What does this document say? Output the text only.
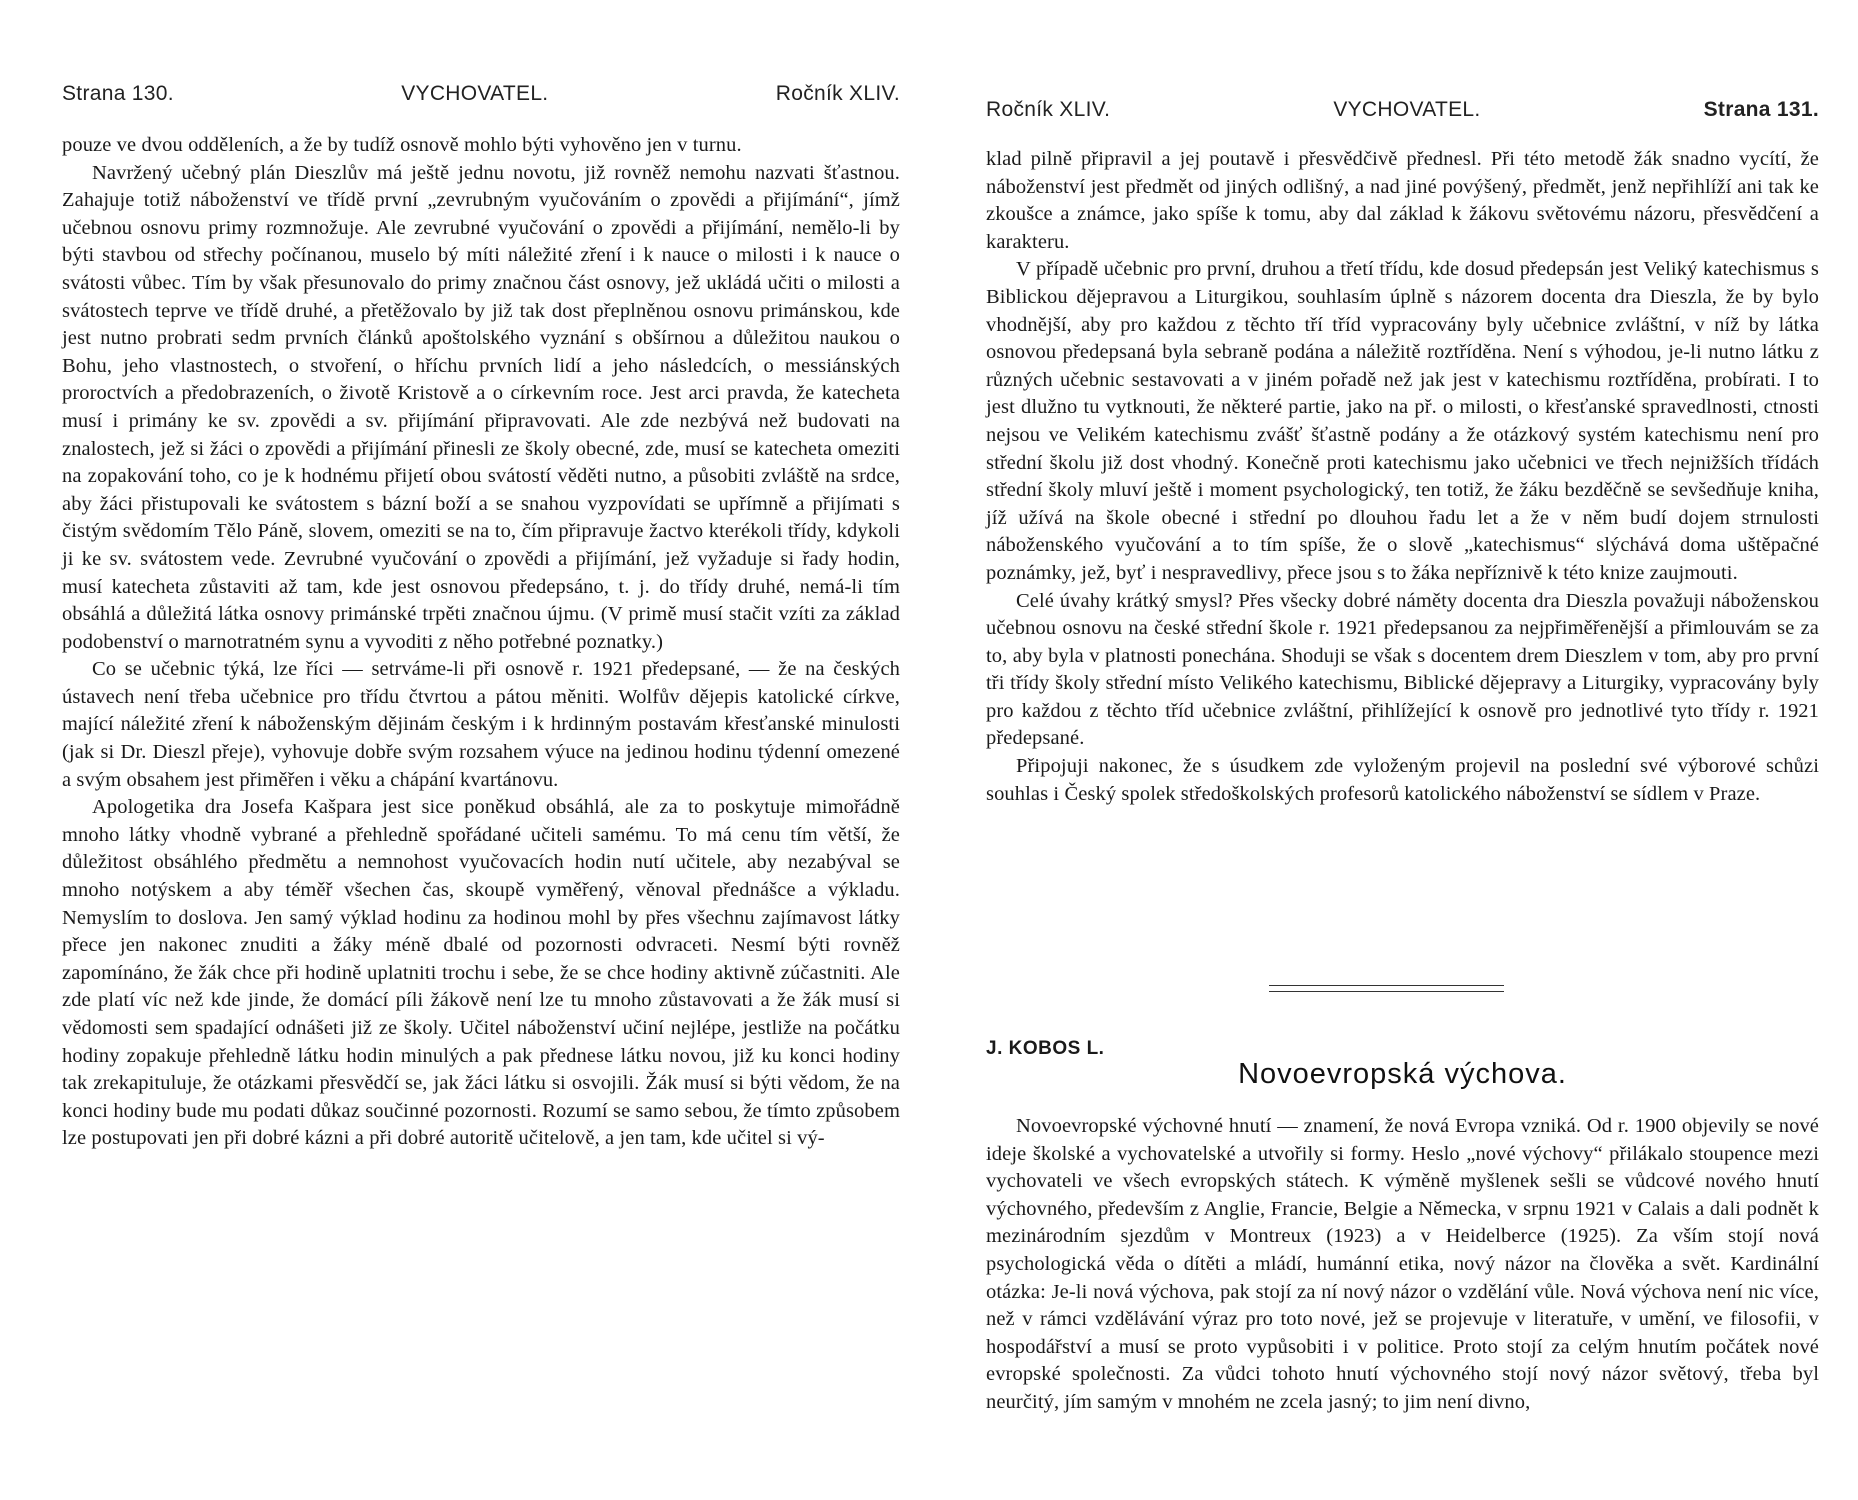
Strana 130.	VYCHOVATEL.	Ročník XLIV.

pouze ve dvou odděleních, a že by tudíž osnově mohlo býti vyhověno jen v turnu.

Navržený učebný plán Dieszlův má ještě jednu novotu, již rovněž nemohu nazvati šťastnou. Zahajuje totiž náboženství ve třídě první „zevrubným vyučováním o zpovědi a přijímání“, jímž učebnou osnovu primy rozmnožuje. Ale zevrubné vyučování o zpovědi a přijímání, nemělo-li by býti stavbou od střechy počínanou, muselo bý míti náležité zření i k nauce o milosti i k nauce o svátosti vůbec. Tím by však přesunovalo do primy značnou část osnovy, jež ukládá učiti o milosti a svátostech teprve ve třídě druhé, a přetěžovalo by již tak dost přeplněnou osnovu primánskou, kde jest nutno probrati sedm prvních článků apoštolského vyznání s obšírnou a důležitou naukou o Bohu, jeho vlastnostech, o stvoření, o hříchu prvních lidí a jeho následcích, o messiánských proroctvích a předobrazeních, o životě Kristově a o církevním roce. Jest arci pravda, že katecheta musí i primány ke sv. zpovědi a sv. přijímání připravovati. Ale zde nezbývá než budovati na znalostech, jež si žáci o zpovědi a přijímání přinesli ze školy obecné, zde, musí se katecheta omeziti na zopakování toho, co je k hodnému přijetí obou svátostí věděti nutno, a působiti zvláště na srdce, aby žáci přistupovali ke svátostem s bázní boží a se snahou vyzpovídati se upřímně a přijímati s čistým svědomím Tělo Páně, slovem, omeziti se na to, čím připravuje žactvo kterékoli třídy, kdykoli ji ke sv. svátostem vede. Zevrubné vyučování o zpovědi a přijímání, jež vyžaduje si řady hodin, musí katecheta zůstaviti až tam, kde jest osnovou předepsáno, t. j. do třídy druhé, nemá-li tím obsáhlá a důležitá látka osnovy primánské trpěti značnou újmu. (V primě musí stačit vzíti za základ podobenství o marnotratném synu a vyvoditi z něho potřebné poznatky.)

Co se učebnic týká, lze říci — setrváme-li při osnově r. 1921 předepsané, — že na českých ústavech není třeba učebnice pro třídu čtvrtou a pátou měniti. Wolfův dějepis katolické církve, mající náležité zření k náboženským dějinám českým i k hrdinným postavám křesťanské minulosti (jak si Dr. Dieszl přeje), vyhovuje dobře svým rozsahem výuce na jedinou hodinu týdenní omezené a svým obsahem jest přiměřen i věku a chápání kvartánovu.

Apologetika dra Josefa Kašpara jest sice poněkud obsáhlá, ale za to poskytuje mimořádně mnoho látky vhodně vybrané a přehledně spořádané učiteli samému. To má cenu tím větší, že důležitost obsáhlého předmětu a nemnohost vyučovacích hodin nutí učitele, aby nezabýval se mnoho notýskem a aby téměř všechen čas, skoupě vyměřený, věnoval přednášce a výkladu. Nemyslím to doslova. Jen samý výklad hodinu za hodinou mohl by přes všechnu zajímavost látky přece jen nakonec znuditi a žáky méně dbalé od pozornosti odvraceti. Nesmí býti rovněž zapomínáno, že žák chce při hodině uplatniti trochu i sebe, že se chce hodiny aktivně zúčastniti. Ale zde platí víc než kde jinde, že domácí píli žákově není lze tu mnoho zůstavovati a že žák musí si vědomosti sem spadající odnášeti již ze školy. Učitel náboženství učiní nejlépe, jestliže na počátku hodiny zopakuje přehledně látku hodin minulých a pak přednese látku novou, již ku konci hodiny tak zrekapituluje, že otázkami přesvědčí se, jak žáci látku si osvojili. Žák musí si býti vědom, že na konci hodiny bude mu podati důkaz součinné pozornosti. Rozumí se samo sebou, že tímto způsobem lze postupovati jen při dobré kázni a při dobré autoritě učitelově, a jen tam, kde učitel si vý-

Ročník XLIV.	VYCHOVATEL.	Strana 131.

klad pilně připravil a jej poutavě i přesvědčivě přednesl. Při této metodě žák snadno vycítí, že náboženství jest předmět od jiných odlišný, a nad jiné povýšený, předmět, jenž nepřihlíží ani tak ke zkoušce a známce, jako spíše k tomu, aby dal základ k žákovu světovému názoru, přesvědčení a karakteru.

V případě učebnic pro první, druhou a třetí třídu, kde dosud předepsán jest Veliký katechismus s Biblickou dějepravou a Liturgikou, souhlasím úplně s názorem docenta dra Dieszla, že by bylo vhodnější, aby pro každou z těchto tří tříd vypracovány byly učebnice zvláštní, v níž by látka osnovou předepsaná byla sebraně podána a náležitě roztříděna. Není s výhodou, je-li nutno látku z různých učebnic sestavovati a v jiném pořadě než jak jest v katechismu roztříděna, probírati. I to jest dlužno tu vytknouti, že některé partie, jako na př. o milosti, o křesťanské spravedlnosti, ctnosti nejsou ve Velikém katechismu zvášť šťastně podány a že otázkový systém katechismu není pro střední školu již dost vhodný. Konečně proti katechismu jako učebnici ve třech nejnižších třídách střední školy mluví ještě i moment psychologický, ten totiž, že žáku bezděčně se sevšedňuje kniha, jíž užívá na škole obecné i střední po dlouhou řadu let a že v něm budí dojem strnulosti náboženského vyučování a to tím spíše, že o slově „katechismus“ slýchává doma uštěpačné poznámky, jež, byť i nespravedlivy, přece jsou s to žáka nepříznivě k této knize zaujmouti.

Celé úvahy krátký smysl? Přes všecky dobré náměty docenta dra Dieszla považuji náboženskou učebnou osnovu na české střední škole r. 1921 předepsanou za nejpřiměřenější a přimlouvám se za to, aby byla v platnosti ponechána. Shoduji se však s docentem drem Dieszlem v tom, aby pro první tři třídy školy střední místo Velikého katechismu, Biblické dějepravy a Liturgiky, vypracovány byly pro každou z těchto tříd učebnice zvláštní, přihlížející k osnově pro jednotlivé tyto třídy r. 1921 předepsané.

Připojuji nakonec, že s úsudkem zde vyloženým projevil na poslední své výborové schůzi souhlas i Český spolek středoškolských profesorů katolického náboženství se sídlem v Praze.

J. KOBOS L.
Novoevropská výchova.

Novoevropské výchovné hnutí — znamení, že nová Evropa vzniká. Od r. 1900 objevily se nové ideje školské a vychovatelské a utvořily si formy. Heslo „nové výchovy“ přilákalo stoupence mezi vychovateli ve všech evropských státech. K výměně myšlenek sešli se vůdcové nového hnutí výchovného, především z Anglie, Francie, Belgie a Německa, v srpnu 1921 v Calais a dali podnět k mezinárodním sjezdům v Montreux (1923) a v Heidelberce (1925). Za vším stojí nová psychologická věda o dítěti a mládí, humánní etika, nový názor na člověka a svět. Kardinální otázka: Je-li nová výchova, pak stojí za ní nový názor o vzdělání vůle. Nová výchova není nic více, než v rámci vzdělávání výraz pro toto nové, jež se projevuje v literatuře, v umění, ve filosofii, v hospodářství a musí se proto vypůsobiti i v politice. Proto stojí za celým hnutím počátek nové evropské společnosti. Za vůdci tohoto hnutí výchovného stojí nový názor světový, třeba byl neurčitý, jím samým v mnohém ne zcela jasný; to jim není divno,
